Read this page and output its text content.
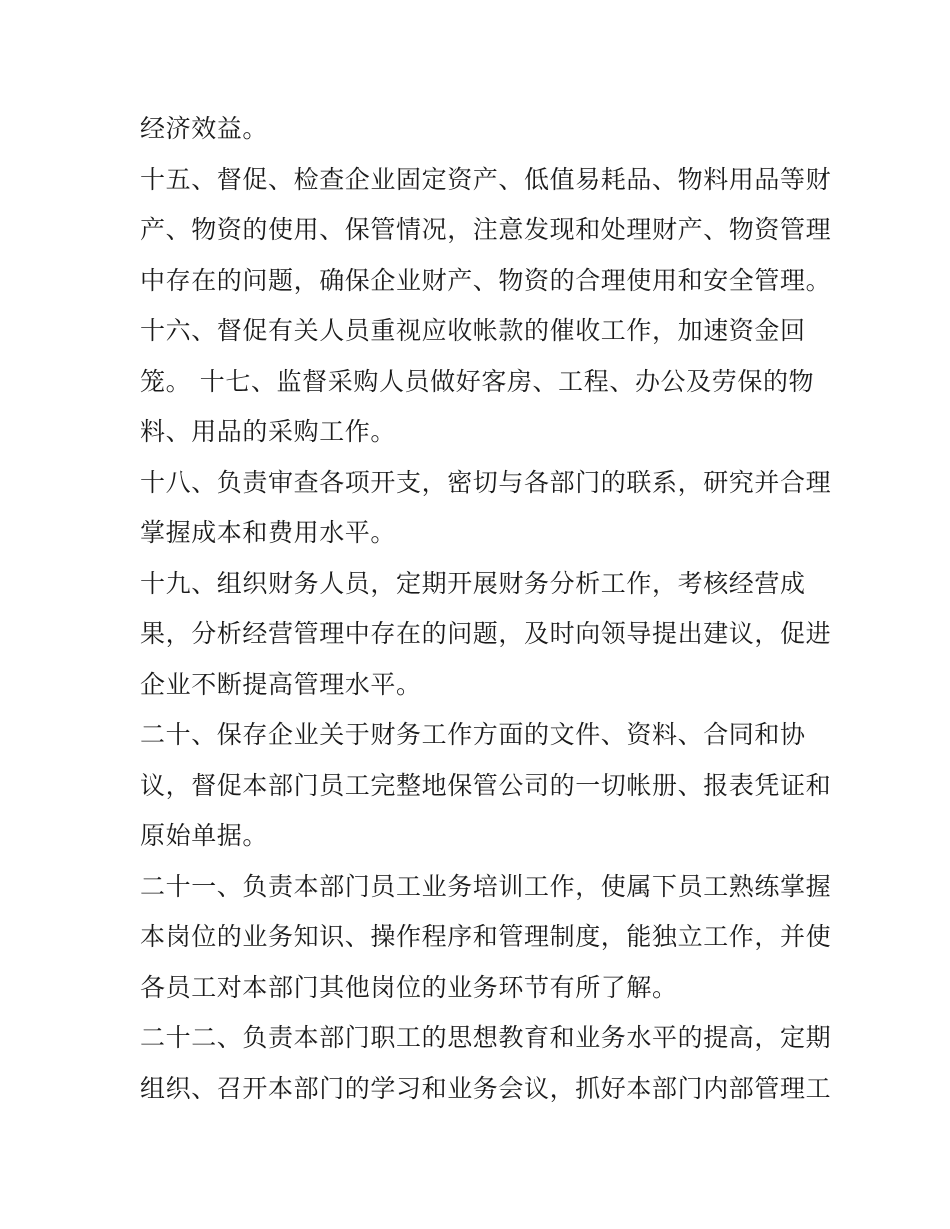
经济效益。

十五、督促、检查企业固定资产、低值易耗品、物料用品等财

产、物资的使用、保管情况，注意发现和处理财产、物资管理

中存在的问题，确保企业财产、物资的合理使用和安全管理。

十六、督促有关人员重视应收帐款的催收工作，加速资金回

笼。 十七、监督采购人员做好客房、工程、办公及劳保的物

料、用品的采购工作。

十八、负责审查各项开支，密切与各部门的联系，研究并合理

掌握成本和费用水平。

十九、组织财务人员，定期开展财务分析工作，考核经营成

果，分析经营管理中存在的问题，及时向领导提出建议，促进

企业不断提高管理水平。

二十、保存企业关于财务工作方面的文件、资料、合同和协

议，督促本部门员工完整地保管公司的一切帐册、报表凭证和

原始单据。

二十一、负责本部门员工业务培训工作，使属下员工熟练掌握

本岗位的业务知识、操作程序和管理制度，能独立工作，并使

各员工对本部门其他岗位的业务环节有所了解。

二十二、负责本部门职工的思想教育和业务水平的提高，定期

组织、召开本部门的学习和业务会议，抓好本部门内部管理工
